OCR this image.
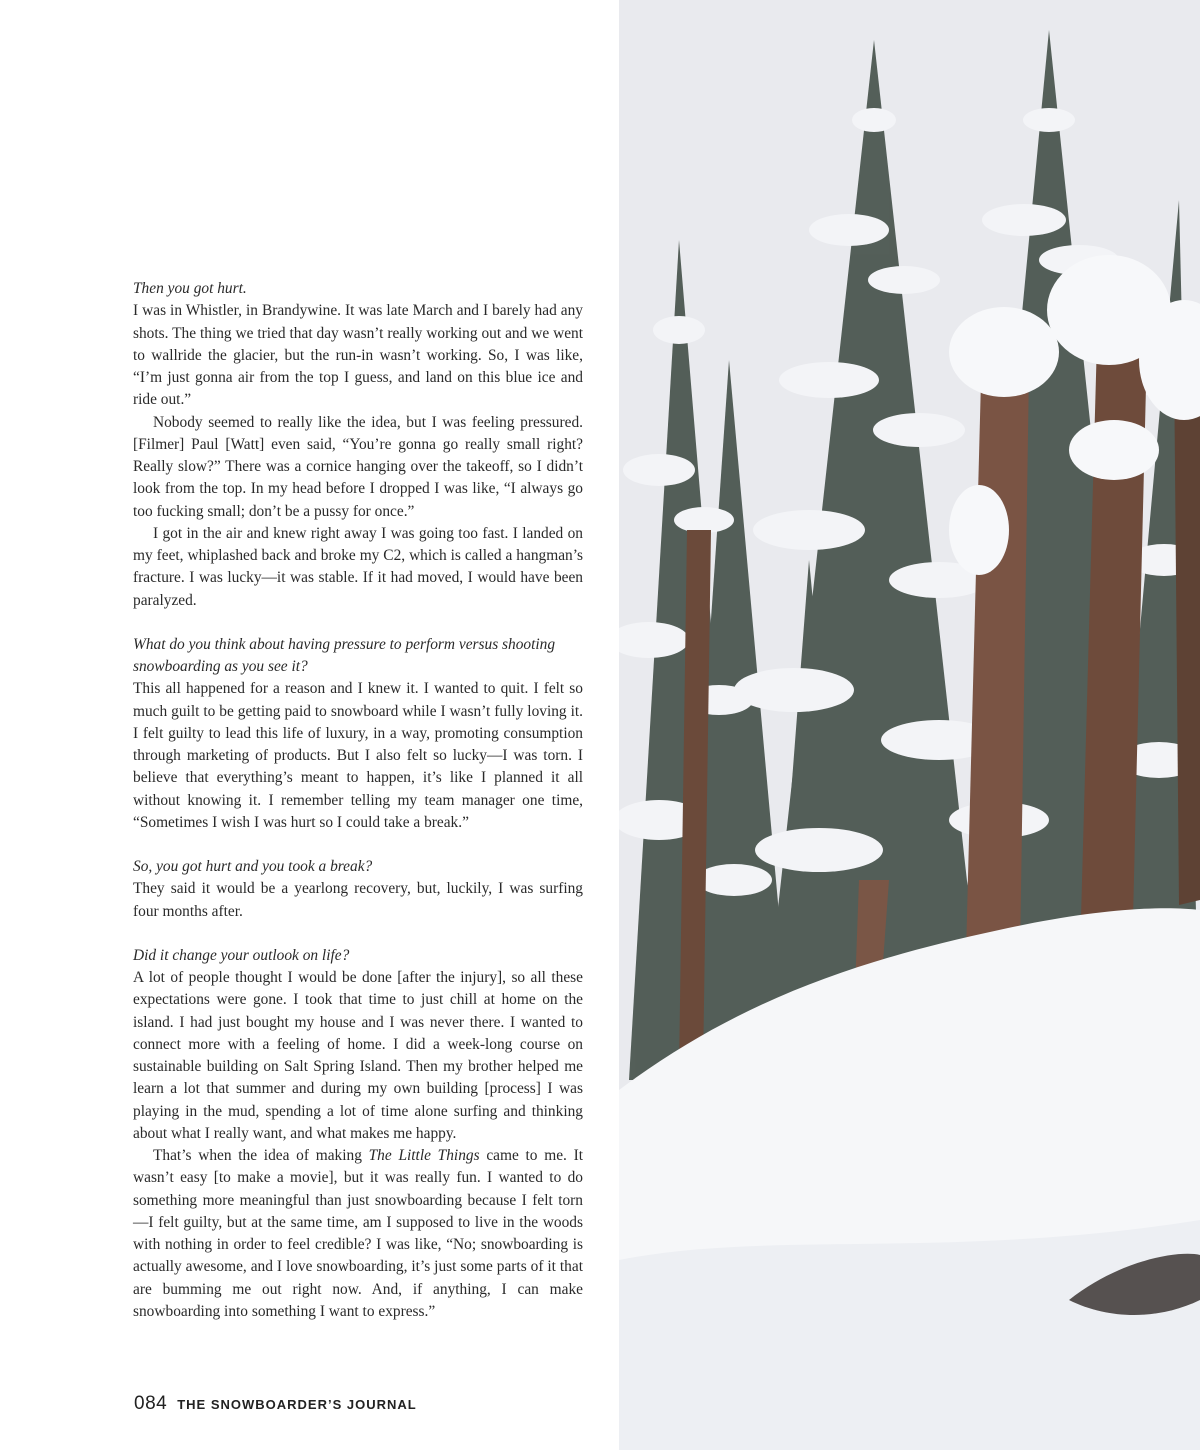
Then you got hurt.
I was in Whistler, in Brandywine. It was late March and I barely had any shots. The thing we tried that day wasn’t really working out and we went to wallride the glacier, but the run-in wasn’t working. So, I was like, “I’m just gonna air from the top I guess, and land on this blue ice and ride out.”
Nobody seemed to really like the idea, but I was feeling pressured. [Filmer] Paul [Watt] even said, “You’re gonna go really small right? Really slow?” There was a cornice hanging over the takeoff, so I didn’t look from the top. In my head before I dropped I was like, “I always go too fucking small; don’t be a pussy for once.”
I got in the air and knew right away I was going too fast. I landed on my feet, whiplashed back and broke my C2, which is called a hangman’s fracture. I was lucky—it was stable. If it had moved, I would have been paralyzed.
What do you think about having pressure to perform versus shooting snowboarding as you see it?
This all happened for a reason and I knew it. I wanted to quit. I felt so much guilt to be getting paid to snowboard while I wasn’t fully loving it. I felt guilty to lead this life of luxury, in a way, promoting consumption through marketing of products. But I also felt so lucky—I was torn. I believe that everything’s meant to happen, it’s like I planned it all without knowing it. I remember telling my team manager one time, “Sometimes I wish I was hurt so I could take a break.”
So, you got hurt and you took a break?
They said it would be a yearlong recovery, but, luckily, I was surfing four months after.
Did it change your outlook on life?
A lot of people thought I would be done [after the injury], so all these expectations were gone. I took that time to just chill at home on the island. I had just bought my house and I was never there. I wanted to connect more with a feeling of home. I did a week-long course on sustainable building on Salt Spring Island. Then my brother helped me learn a lot that summer and during my own building [process] I was playing in the mud, spending a lot of time alone surfing and thinking about what I really want, and what makes me happy.
That’s when the idea of making The Little Things came to me. It wasn’t easy [to make a movie], but it was really fun. I wanted to do something more meaningful than just snowboarding because I felt torn—I felt guilty, but at the same time, am I supposed to live in the woods with nothing in order to feel credible? I was like, “No; snowboarding is actually awesome, and I love snowboarding, it’s just some parts of it that are bumming me out right now. And, if anything, I can make snowboarding into something I want to express.”
084 THE SNOWBOARDER’S JOURNAL
